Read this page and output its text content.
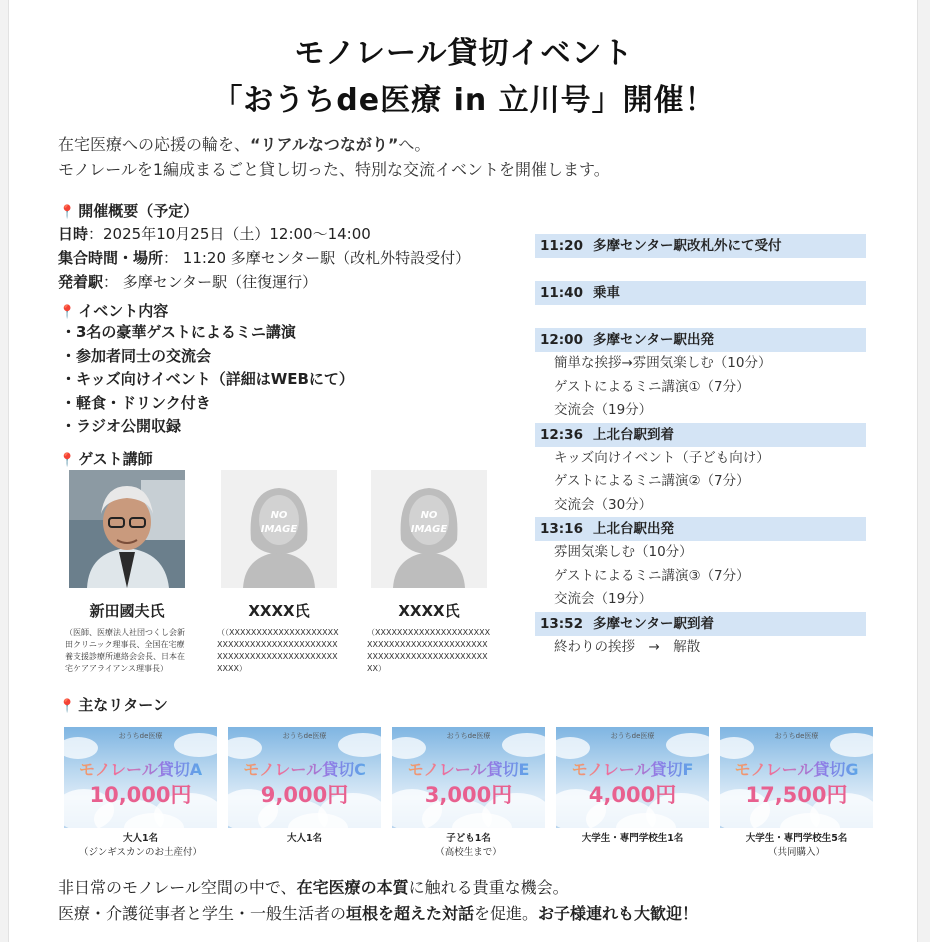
モノレール貸切イベント
「おうちde医療 in 立川号」開催！
在宅医療への応援の輪を、“リアルなつながり”へ。
モノレールを1編成まるごと貸し切った、特別な交流イベントを開催します。
📍 開催概要（予定）
日時：2025年10月25日（土）12:00～14:00
集合時間・場所： 11:20 多摩センター駅（改札外特設受付）
発着駅： 多摩センター駅（往復運行）
📍 イベント内容
・3名の豪華ゲストによるミニ講演
・参加者同士の交流会
・キッズ向けイベント（詳細はWEBにて）
・軽食・ドリンク付き
・ラジオ公開収録
📍 ゲスト講師
新田國夫氏
（医師、医療法人社団つくし会新田クリニック理事長、全国在宅療養支援診療所連絡会会長、日本在宅ケアアライアンス理事長）
NO
IMAGE
XXXX氏
（（XXXXXXXXXXXXXXXXXXXXXXXXXXXXXXXXXXXXXXXXXXXXXXXXXXXXXXXXXXXXXXXXXXXX）
NO
IMAGE
XXXX氏
（XXXXXXXXXXXXXXXXXXXXXXXXXXXXXXXXXXXXXXXXXXXXXXXXXXXXXXXXXXXXXXXXXXX）
11:20 多摩センター駅改札外にて受付
11:40 乗車
12:00 多摩センター駅出発
簡単な挨拶→雰囲気楽しむ（10分）
ゲストによるミニ講演①（7分）
交流会（19分）
12:36 上北台駅到着
キッズ向けイベント（子ども向け）
ゲストによるミニ講演②（7分）
交流会（30分）
13:16 上北台駅出発
雰囲気楽しむ（10分）
ゲストによるミニ講演③（7分）
交流会（19分）
13:52 多摩センター駅到着
終わりの挨拶　→　解散
📍 主なリターン
おうちde医療
モノレール貸切A
10,000円
大人1名
（ジンギスカンのお土産付）
おうちde医療
モノレール貸切C
9,000円
大人1名
おうちde医療
モノレール貸切E
3,000円
子ども1名
（高校生まで）
おうちde医療
モノレール貸切F
4,000円
大学生・専門学校生1名
おうちde医療
モノレール貸切G
17,500円
大学生・専門学校生5名
（共同購入）
非日常のモノレール空間の中で、在宅医療の本質に触れる貴重な機会。
医療・介護従事者と学生・一般生活者の垣根を超えた対話を促進。お子様連れも大歓迎！
